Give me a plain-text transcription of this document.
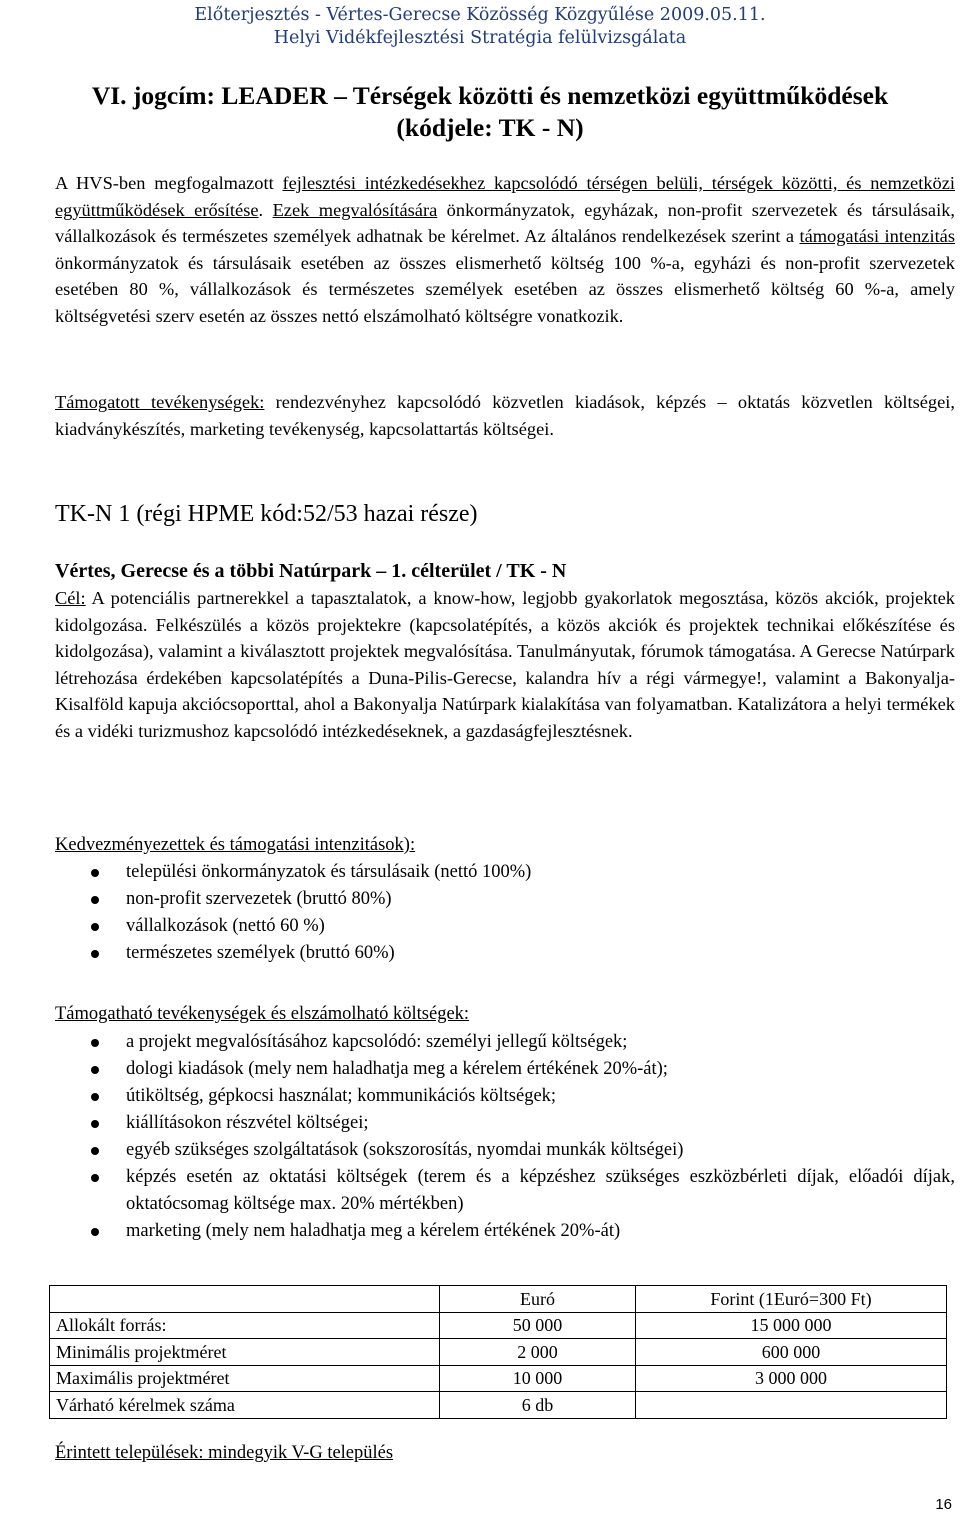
Előterjesztés - Vértes-Gerecse Közösség Közgyűlése 2009.05.11.
Helyi Vidékfejlesztési Stratégia felülvizsgálata
VI. jogcím: LEADER – Térségek közötti és nemzetközi együttműködések
(kódjele: TK - N)
A HVS-ben megfogalmazott fejlesztési intézkedésekhez kapcsolódó térségen belüli, térségek közötti, és nemzetközi együttműködések erősítése. Ezek megvalósítására önkormányzatok, egyházak, non-profit szervezetek és társulásaik, vállalkozások és természetes személyek adhatnak be kérelmet. Az általános rendelkezések szerint a támogatási intenzitás önkormányzatok és társulásaik esetében az összes elismerhető költség 100 %-a, egyházi és non-profit szervezetek esetében 80 %, vállalkozások és természetes személyek esetében az összes elismerhető költség 60 %-a, amely költségvetési szerv esetén az összes nettó elszámolható költségre vonatkozik.
Támogatott tevékenységek: rendezvényhez kapcsolódó közvetlen kiadások, képzés – oktatás közvetlen költségei, kiadványkészítés, marketing tevékenység, kapcsolattartás költségei.
TK-N 1 (régi HPME kód:52/53 hazai része)
Vértes, Gerecse és a többi Natúrpark – 1. célterület / TK - N
Cél: A potenciális partnerekkel a tapasztalatok, a know-how, legjobb gyakorlatok megosztása, közös akciók, projektek kidolgozása. Felkészülés a közös projektekre (kapcsolatépítés, a közös akciók és projektek technikai előkészítése és kidolgozása), valamint a kiválasztott projektek megvalósítása. Tanulmányutak, fórumok támogatása. A Gerecse Natúrpark létrehozása érdekében kapcsolatépítés a Duna-Pilis-Gerecse, kalandra hív a régi vármegye!, valamint a Bakonyalja-Kisalföld kapuja akciócsoporttal, ahol a Bakonyalja Natúrpark kialakítása van folyamatban. Katalizátora a helyi termékek és a vidéki turizmushoz kapcsolódó intézkedéseknek, a gazdaságfejlesztésnek.
Kedvezményezettek és támogatási intenzitások):
települési önkormányzatok és társulásaik (nettó 100%)
non-profit szervezetek (bruttó 80%)
vállalkozások (nettó 60 %)
természetes személyek (bruttó 60%)
Támogatható tevékenységek és elszámolható költségek:
a projekt megvalósításához kapcsolódó: személyi jellegű költségek;
dologi kiadások (mely nem haladhatja meg a kérelem értékének 20%-át);
útiköltség, gépkocsi használat; kommunikációs költségek;
kiállításokon részvétel költségei;
egyéb szükséges szolgáltatások (sokszorosítás, nyomdai munkák költségei)
képzés esetén az oktatási költségek (terem és a képzéshez szükséges eszközbérleti díjak, előadói díjak, oktatócsomag költsége max. 20% mértékben)
marketing (mely nem haladhatja meg a kérelem értékének 20%-át)
	Euró	Forint (1Euró=300 Ft)
Allokált forrás:	50 000	15 000 000
Minimális projektméret	2 000	600 000
Maximális projektméret	10 000	3 000 000
Várható kérelmek száma	6 db	
Érintett települések: mindegyik V-G település
16
